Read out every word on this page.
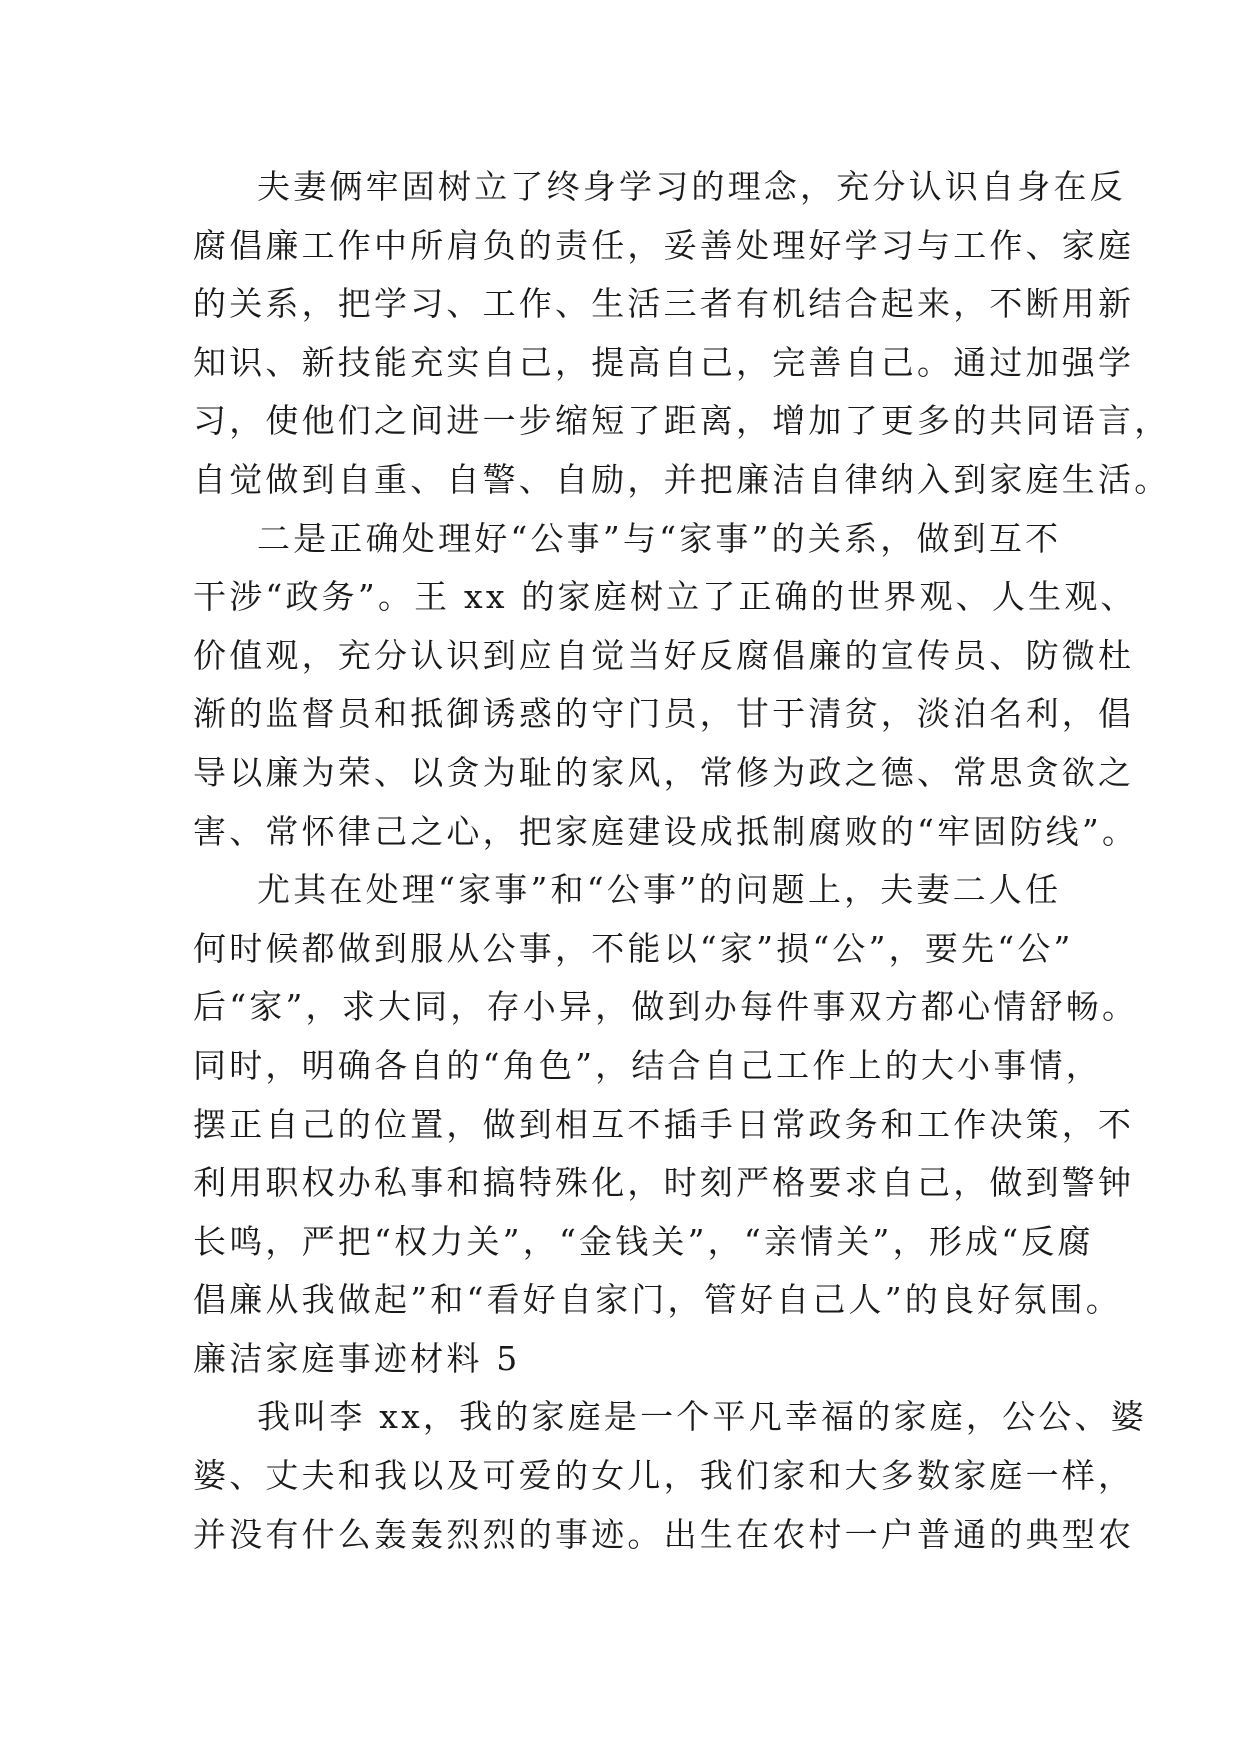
夫妻俩牢固树立了终身学习的理念，充分认识自身在反
腐倡廉工作中所肩负的责任，妥善处理好学习与工作、家庭
的关系，把学习、工作、生活三者有机结合起来，不断用新
知识、新技能充实自己，提高自己，完善自己。通过加强学
习，使他们之间进一步缩短了距离，增加了更多的共同语言，
自觉做到自重、自警、自励，并把廉洁自律纳入到家庭生活。
二是正确处理好“公事”与“家事”的关系，做到互不
干涉“政务”。王 xx 的家庭树立了正确的世界观、人生观、
价值观，充分认识到应自觉当好反腐倡廉的宣传员、防微杜
渐的监督员和抵御诱惑的守门员，甘于清贫，淡泊名利，倡
导以廉为荣、以贪为耻的家风，常修为政之德、常思贪欲之
害、常怀律己之心，把家庭建设成抵制腐败的“牢固防线”。
尤其在处理“家事”和“公事”的问题上，夫妻二人任
何时候都做到服从公事，不能以“家”损“公”，要先“公”
后“家”，求大同，存小异，做到办每件事双方都心情舒畅。
同时，明确各自的“角色”，结合自己工作上的大小事情，
摆正自己的位置，做到相互不插手日常政务和工作决策，不
利用职权办私事和搞特殊化，时刻严格要求自己，做到警钟
长鸣，严把“权力关”，“金钱关”，“亲情关”，形成“反腐
倡廉从我做起”和“看好自家门，管好自己人”的良好氛围。
廉洁家庭事迹材料 5
我叫李 xx，我的家庭是一个平凡幸福的家庭，公公、婆
婆、丈夫和我以及可爱的女儿，我们家和大多数家庭一样，
并没有什么轰轰烈烈的事迹。出生在农村一户普通的典型农
